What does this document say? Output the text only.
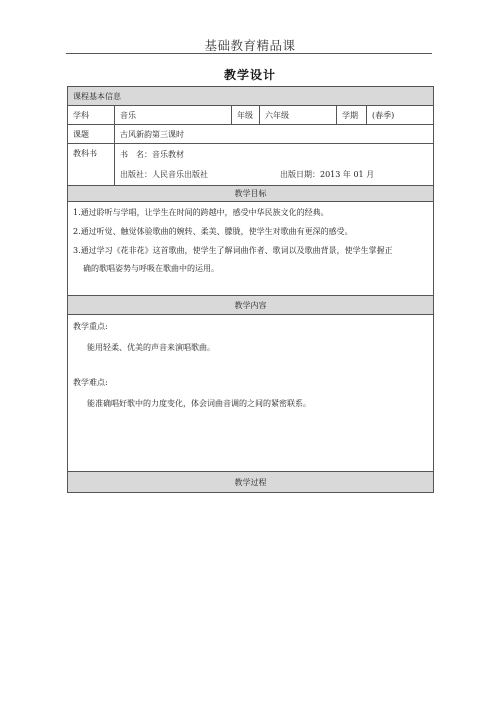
基础教育精品课
教学设计
课程基本信息					
学科	音乐	年级	六年级	学期	(春季)
课题	古风新韵第三课时				
教科书	书　名：音乐教材
出版社：人民音乐出版社 出版日期：2013 年 01 月				

教学目标					

1.通过聆听与学唱，让学生在时间的跨越中，感受中华民族文化的经典。

2.通过听觉、触觉体验歌曲的婉转、柔美、朦胧，使学生对歌曲有更深的感受。

3.通过学习《花非花》这首歌曲，使学生了解词曲作者、歌词以及歌曲背景，使学生掌握正

确的歌唱姿势与呼吸在歌曲中的运用。					

教学内容					

教学重点:
能用轻柔、优美的声音来演唱歌曲。
教学难点:
能准确唱好歌中的力度变化，体会词曲音调的之间的紧密联系。					

教学过程					
